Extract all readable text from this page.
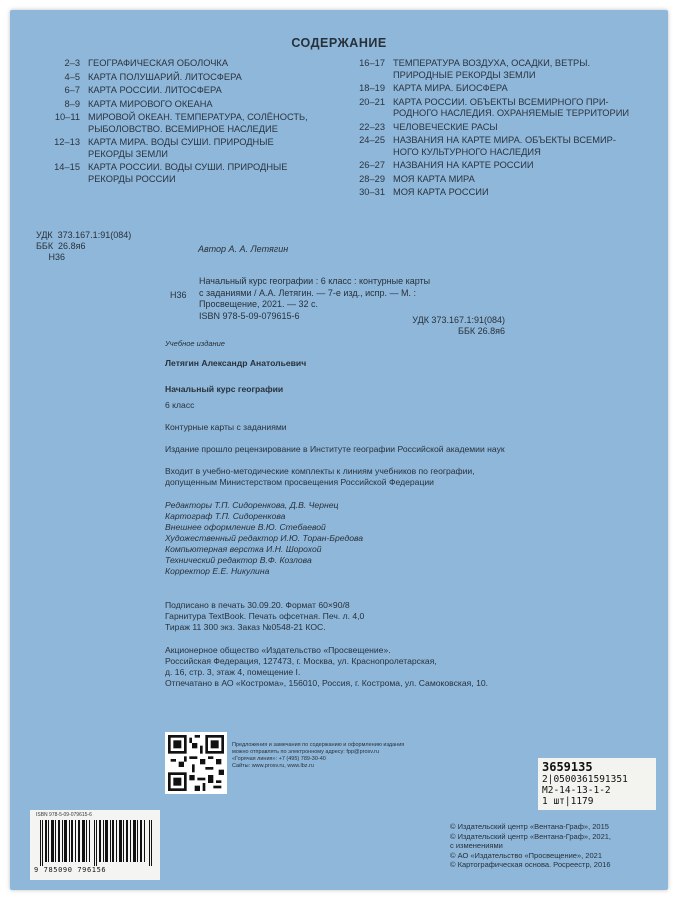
СОДЕРЖАНИЕ
2–3 ГЕОГРАФИЧЕСКАЯ ОБОЛОЧКА
4–5 КАРТА ПОЛУШАРИЙ. ЛИТОСФЕРА
6–7 КАРТА РОССИИ. ЛИТОСФЕРА
8–9 КАРТА МИРОВОГО ОКЕАНА
10–11 МИРОВОЙ ОКЕАН. ТЕМПЕРАТУРА, СОЛЁНОСТЬ,
РЫБОЛОВСТВО. ВСЕМИРНОЕ НАСЛЕДИЕ
12–13 КАРТА МИРА. ВОДЫ СУШИ. ПРИРОДНЫЕ
РЕКОРДЫ ЗЕМЛИ
14–15 КАРТА РОССИИ. ВОДЫ СУШИ. ПРИРОДНЫЕ
РЕКОРДЫ РОССИИ
16–17 ТЕМПЕРАТУРА ВОЗДУХА, ОСАДКИ, ВЕТРЫ.
ПРИРОДНЫЕ РЕКОРДЫ ЗЕМЛИ
18–19 КАРТА МИРА. БИОСФЕРА
20–21 КАРТА РОССИИ. ОБЪЕКТЫ ВСЕМИРНОГО ПРИ-
РОДНОГО НАСЛЕДИЯ. ОХРАНЯЕМЫЕ ТЕРРИТОРИИ
22–23 ЧЕЛОВЕЧЕСКИЕ РАСЫ
24–25 НАЗВАНИЯ НА КАРТЕ МИРА. ОБЪЕКТЫ ВСЕМИР-
НОГО КУЛЬТУРНОГО НАСЛЕДИЯ
26–27 НАЗВАНИЯ НА КАРТЕ РОССИИ
28–29 МОЯ КАРТА МИРА
30–31 МОЯ КАРТА РОССИИ
УДК  373.167.1:91(084)
ББК  26.8я6
Н36
Автор А. А. Летягин
Н36
Начальный курс географии : 6 класс : контурные карты
с заданиями / А.А. Летягин. — 7-е изд., испр. — М. :
Просвещение, 2021. — 32 с.
ISBN 978-5-09-079615-6	УДК 373.167.1:91(084)
ББК 26.8я6
Учебное издание
Летягин Александр Анатольевич
Начальный курс географии
6 класс
Контурные карты с заданиями
Издание прошло рецензирование в Институте географии Российской академии наук
Входит в учебно-методические комплекты к линиям учебников по географии,
допущенным Министерством просвещения Российской Федерации
Редакторы Т.П. Сидоренкова, Д.В. Чернец
Картограф Т.П. Сидоренкова
Внешнее оформление В.Ю. Стебаевой
Художественный редактор И.Ю. Торан-Бредова
Компьютерная верстка И.Н. Шорохой
Технический редактор В.Ф. Козлова
Корректор Е.Е. Никулина
Подписано в печать 30.09.20. Формат 60×90/8
Гарнитура TextBook. Печать офсетная. Печ. л. 4,0
Тираж 11 300 экз. Заказ №0548-21 КОС.
Акционерное общество «Издательство «Просвещение».
Российская Федерация, 127473, г. Москва, ул. Краснопролетарская,
д. 16, стр. 3, этаж 4, помещение I.
Отпечатано в АО «Кострома», 156010, Россия, г. Кострома, ул. Самоковская, 10.
Предложения и замечания по содержанию и оформлению издания
можно отправлять по электронному адресу: fpp@prosv.ru
«Горячая линия»: +7 (495) 789-30-40
Сайты: www.prosv.ru, www.lbz.ru	3659135
2|0500361591351
М2-14-13-1-2
1 шт|1179
ISBN 978-5-09-079615-6
9 785090 796156
© Издательский центр «Вентана-Граф», 2015
© Издательский центр «Вентана-Граф», 2021,
с изменениями
© АО «Издательство «Просвещение», 2021
© Картографическая основа. Росреестр, 2016
